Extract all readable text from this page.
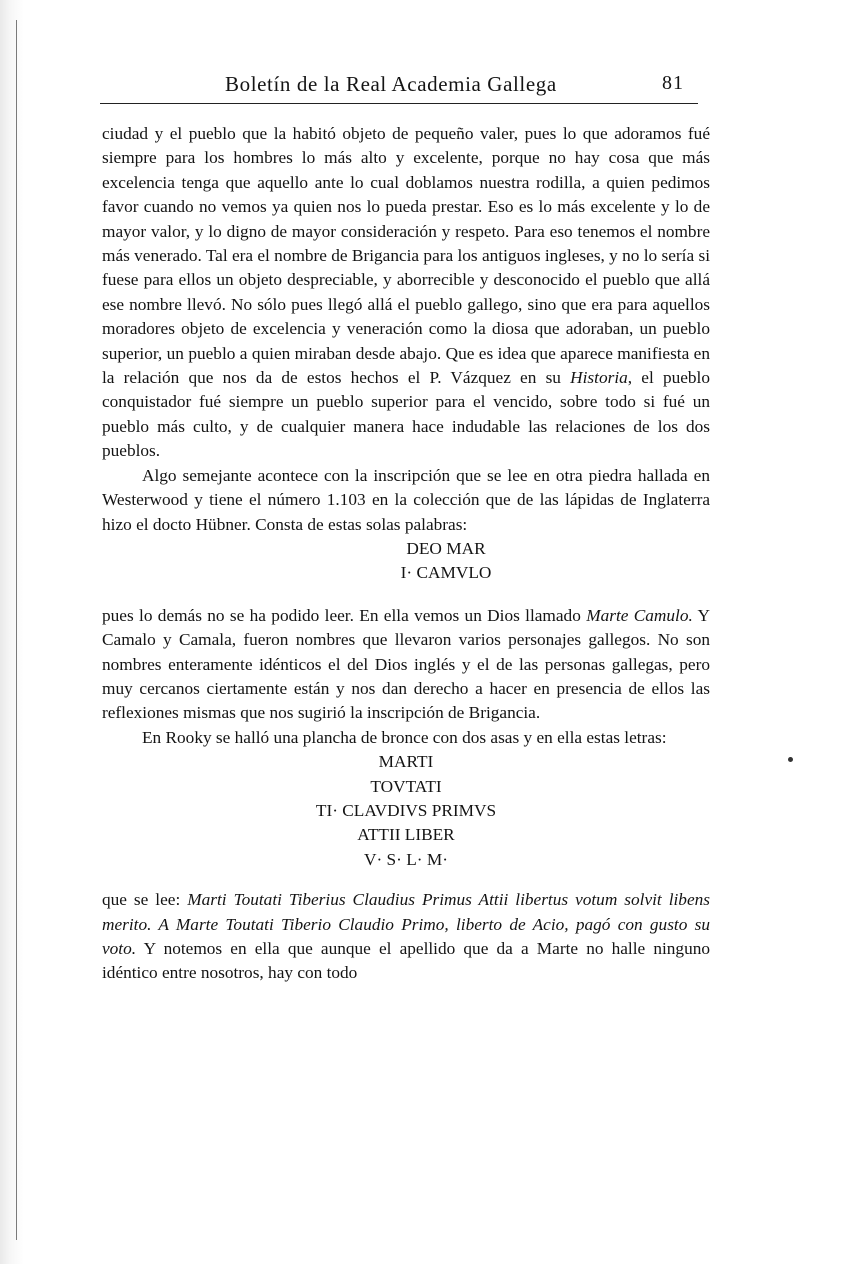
Boletín de la Real Academia Gallega	81

ciudad y el pueblo que la habitó objeto de pequeño valer, pues lo que adoramos fué siempre para los hombres lo más alto y excelente, porque no hay cosa que más excelencia tenga que aquello ante lo cual doblamos nuestra rodilla, a quien pedimos favor cuando no vemos ya quien nos lo pueda prestar. Eso es lo más excelente y lo de mayor valor, y lo digno de mayor consideración y respeto. Para eso tenemos el nombre más venerado. Tal era el nombre de Brigancia para los antiguos ingleses, y no lo sería si fuese para ellos un objeto despreciable, y aborrecible y desconocido el pueblo que allá ese nombre llevó. No sólo pues llegó allá el pueblo gallego, sino que era para aquellos moradores objeto de excelencia y veneración como la diosa que adoraban, un pueblo superior, un pueblo a quien miraban desde abajo. Que es idea que aparece manifiesta en la relación que nos da de estos hechos el P. Vázquez en su Historia, el pueblo conquistador fué siempre un pueblo superior para el vencido, sobre todo si fué un pueblo más culto, y de cualquier manera hace indudable las relaciones de los dos pueblos.

Algo semejante acontece con la inscripción que se lee en otra piedra hallada en Westerwood y tiene el número 1.103 en la colección que de las lápidas de Inglaterra hizo el docto Hübner. Consta de estas solas palabras:

DEO MAR
I· CAMVLO

pues lo demás no se ha podido leer. En ella vemos un Dios llamado Marte Camulo. Y Camalo y Camala, fueron nombres que llevaron varios personajes gallegos. No son nombres enteramente idénticos el del Dios inglés y el de las personas gallegas, pero muy cercanos ciertamente están y nos dan derecho a hacer en presencia de ellos las reflexiones mismas que nos sugirió la inscripción de Brigancia.

En Rooky se halló una plancha de bronce con dos asas y en ella estas letras:

MARTI
TOVTATI
TI· CLAVDIVS PRIMVS
ATTII LIBER
V· S· L· M·

que se lee: Marti Toutati Tiberius Claudius Primus Attii libertus votum solvit libens merito. A Marte Toutati Tiberio Claudio Primo, liberto de Acio, pagó con gusto su voto. Y notemos en ella que aunque el apellido que da a Marte no halle ninguno idéntico entre nosotros, hay con todo
